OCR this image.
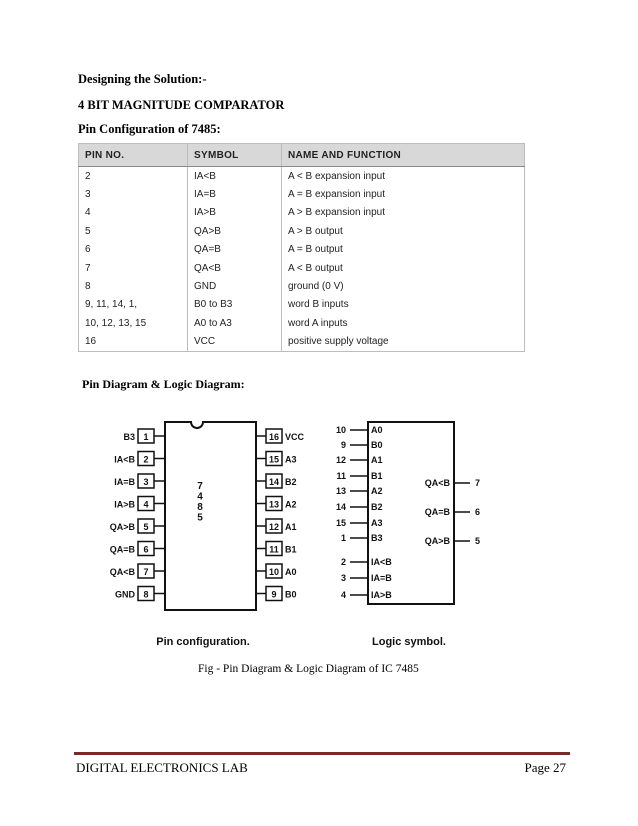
Designing the Solution:-
4 BIT MAGNITUDE COMPARATOR
Pin Configuration of 7485:
PIN NO.	SYMBOL	NAME AND FUNCTION
2	IA<B	A < B expansion input
3	IA=B	A = B expansion input
4	IA>B	A > B expansion input
5	QA>B	A > B output
6	QA=B	A = B output
7	QA<B	A < B output
8	GND	ground (0 V)
9, 11, 14, 1,	B0 to B3	word B inputs
10, 12, 13, 15	A0 to A3	word A inputs
16	VCC	positive supply voltage
Pin Diagram & Logic Diagram:
1
B3	16 VCC
2
IA<B	15 A3
3
IA=B	14 B2
4
IA>B	13 A2
5
QA>B	12 A1
6
QA=B	11 B1
7
QA<B	10 A0
8
GND	9 B0
7
4
8
5
Pin configuration.
10	A0
9	B0
12	A1
11	B1
13	A2
14	B2
15	A3
1	B3
2	IA<B
3	IA=B
4	IA>B
QA<B	7
QA=B	6
QA>B	5
Logic symbol.
Fig - Pin Diagram & Logic Diagram of IC 7485
DIGITAL ELECTRONICS LAB	Page 27
